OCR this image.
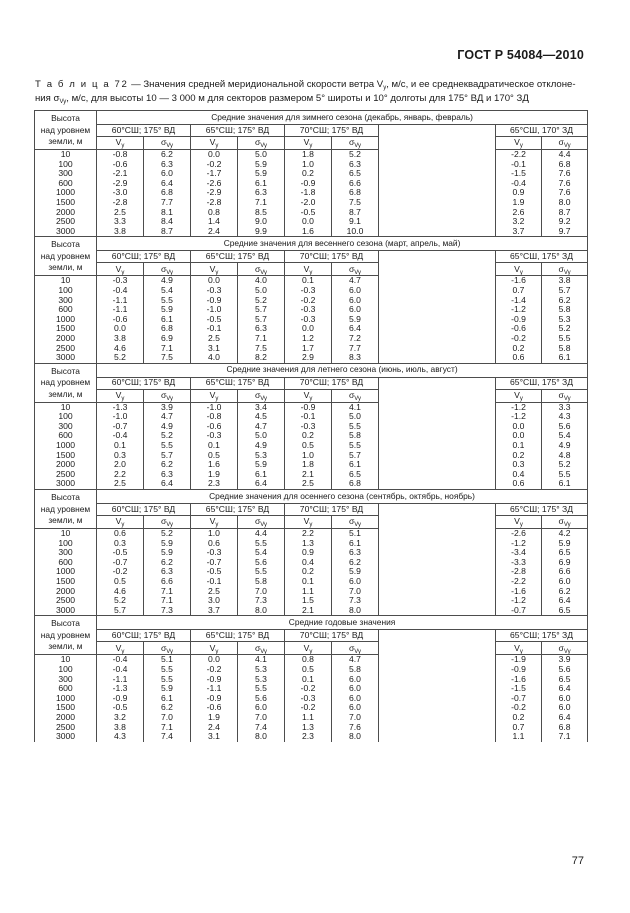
ГОСТ Р 54084—2010
Т а б л и ц а 72 — Значения средней меридиональной скорости ветра $V_y$, м/с, и ее среднеквадратическое отклоне-
ния $\sigma_{Vy}$, м/с, для высоты 10 — 3 000 м для секторов размером 5° широты и 10° долготы для 175° ВД и 170° ЗД
Высота
над уровнем
земли, м	Средние значения для зимнего сезона (декабрь, январь, февраль)								
	60°СШ; 175° ВД		65°СШ; 175° ВД		70°СШ; 175° ВД			65°СШ, 170° ЗД	
	$V_y$	$\sigma_{Vy}$	$V_y$	$\sigma_{Vy}$	$V_y$	$\sigma_{Vy}$		$V_y$	$\sigma_{Vy}$
10	-0.8	6.2	0.0	5.0	1.8	5.2		-2.2	4.4
100	-0.6	6.3	-0.2	5.9	1.0	6.3		-0.1	6.8
300	-2.1	6.0	-1.7	5.9	0.2	6.5		-1.5	7.6
600	-2.9	6.4	-2.6	6.1	-0.9	6.6		-0.4	7.6
1000	-3.0	6.8	-2.9	6.3	-1.8	6.8		0.9	7.6
1500	-2.8	7.7	-2.8	7.1	-2.0	7.5		1.9	8.0
2000	2.5	8.1	0.8	8.5	-0.5	8.7		2.6	8.7
2500	3.3	8.4	1.4	9.0	0.0	9.1		3.2	9.2
3000	3.8	8.7	2.4	9.9	1.6	10.0		3.7	9.7

Высота
над уровнем
земли, м	Средние значения для весеннего сезона (март, апрель, май)								
	60°СШ; 175° ВД		65°СШ; 175° ВД		70°СШ; 175° ВД			65°СШ, 175° ЗД	
	$V_y$	$\sigma_{Vy}$	$V_y$	$\sigma_{Vy}$	$V_y$	$\sigma_{Vy}$		$V_y$	$\sigma_{Vy}$
10	-0.3	4.9	0.0	4.0	0.1	4.7		-1.6	3.8
100	-0.4	5.4	-0.3	5.0	-0.3	6.0		0.7	5.7
300	-1.1	5.5	-0.9	5.2	-0.2	6.0		-1.4	6.2
600	-1.1	5.9	-1.0	5.7	-0.3	6.0		-1.2	5.8
1000	-0.6	6.1	-0.5	5.7	-0.3	5.9		-0.9	5.3
1500	0.0	6.8	-0.1	6.3	0.0	6.4		-0.6	5.2
2000	3.8	6.9	2.5	7.1	1.2	7.2		-0.2	5.5
2500	4.6	7.1	3.1	7.5	1.7	7.7		0.2	5.8
3000	5.2	7.5	4.0	8.2	2.9	8.3		0.6	6.1

Высота
над уровнем
земли, м	Средние значения для летнего сезона (июнь, июль, август)								
	60°СШ; 175° ВД		65°СШ; 175° ВД		70°СШ; 175° ВД			65°СШ, 175° ЗД	
	$V_y$	$\sigma_{Vy}$	$V_y$	$\sigma_{Vy}$	$V_y$	$\sigma_{Vy}$		$V_y$	$\sigma_{Vy}$
10	-1.3	3.9	-1.0	3.4	-0.9	4.1		-1.2	3.3
100	-1.0	4.7	-0.8	4.5	-0.1	5.0		-1.2	4.3
300	-0.7	4.9	-0.6	4.7	-0.3	5.5		0.0	5.6
600	-0.4	5.2	-0.3	5.0	0.2	5.8		0.0	5.4
1000	0.1	5.5	0.1	4.9	0.5	5.5		0.1	4.9
1500	0.3	5.7	0.5	5.3	1.0	5.7		0.2	4.8
2000	2.0	6.2	1.6	5.9	1.8	6.1		0.3	5.2
2500	2.2	6.3	1.9	6.1	2.1	6.5		0.4	5.5
3000	2.5	6.4	2.3	6.4	2.5	6.8		0.6	6.1

Высота
над уровнем
земли, м	Средние значения для осеннего сезона (сентябрь, октябрь, ноябрь)								
	60°СШ; 175° ВД		65°СШ; 175° ВД		70°СШ; 175° ВД			65°СШ; 175° ЗД	
	$V_y$	$\sigma_{Vy}$	$V_y$	$\sigma_{Vy}$	$V_y$	$\sigma_{Vy}$		$V_y$	$\sigma_{Vy}$
10	0.6	5.2	1.0	4.4	2.2	5.1		-2.6	4.2
100	0.3	5.9	0.6	5.5	1.3	6.1		-1.2	5.9
300	-0.5	5.9	-0.3	5.4	0.9	6.3		-3.4	6.5
600	-0.7	6.2	-0.7	5.6	0.4	6.2		-3.3	6.9
1000	-0.2	6.3	-0.5	5.5	0.2	5.9		-2.8	6.6
1500	0.5	6.6	-0.1	5.8	0.1	6.0		-2.2	6.0
2000	4.6	7.1	2.5	7.0	1.1	7.0		-1.6	6.2
2500	5.2	7.1	3.0	7.3	1.5	7.3		-1.2	6.4
3000	5.7	7.3	3.7	8.0	2.1	8.0		-0.7	6.5

Высота
над уровнем
земли, м	Средние годовые значения								
	60°СШ; 175° ВД		65°СШ; 175° ВД		70°СШ; 175° ВД			65°СШ; 175° ЗД	
	$V_y$	$\sigma_{Vy}$	$V_y$	$\sigma_{Vy}$	$V_y$	$\sigma_{Vy}$		$V_y$	$\sigma_{Vy}$
10	-0.4	5.1	0.0	4.1	0.8	4.7		-1.9	3.9
100	-0.4	5.5	-0.2	5.3	0.5	5.8		-0.9	5.6
300	-1.1	5.5	-0.9	5.3	0.1	6.0		-1.6	6.5
600	-1.3	5.9	-1.1	5.5	-0.2	6.0		-1.5	6.4
1000	-0.9	6.1	-0.9	5.6	-0.3	6.0		-0.7	6.0
1500	-0.5	6.2	-0.6	6.0	-0.2	6.0		-0.2	6.0
2000	3.2	7.0	1.9	7.0	1.1	7.0		0.2	6.4
2500	3.8	7.1	2.4	7.4	1.3	7.6		0.7	6.8
3000	4.3	7.4	3.1	8.0	2.3	8.0		1.1	7.1
77
